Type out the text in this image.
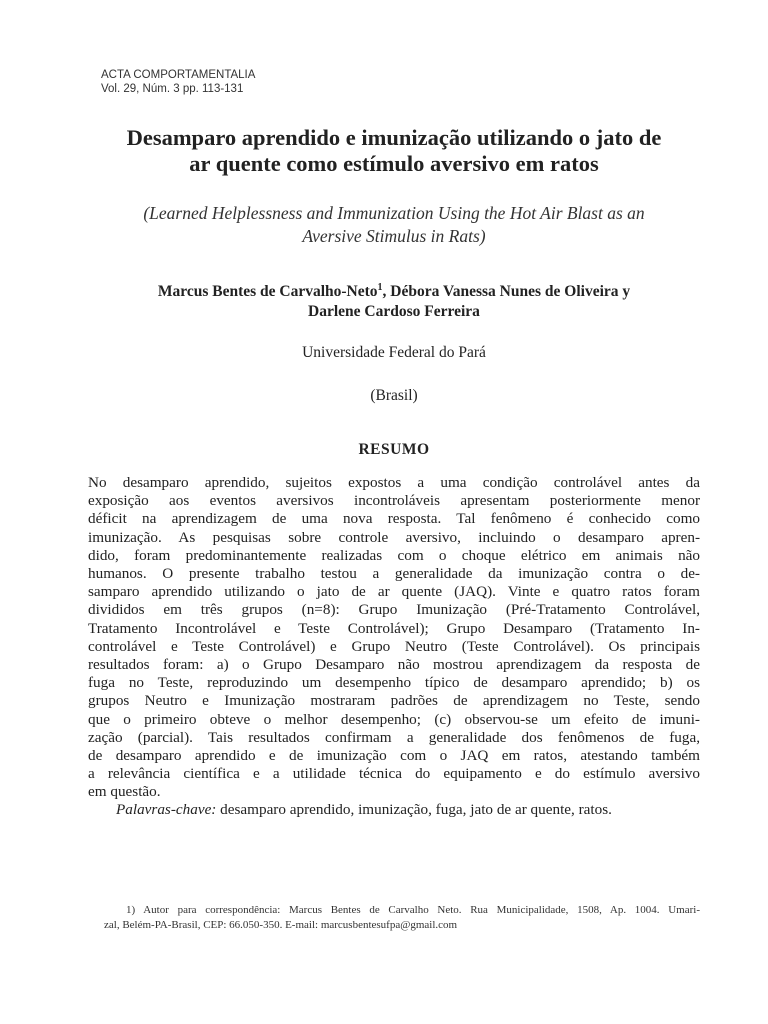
ACTA COMPORTAMENTALIA
Vol. 29, Núm. 3 pp. 113-131
Desamparo aprendido e imunização utilizando o jato de
ar quente como estímulo aversivo em ratos
(Learned Helplessness and Immunization Using the Hot Air Blast as an
Aversive Stimulus in Rats)
Marcus Bentes de Carvalho-Neto$^1$, Débora Vanessa Nunes de Oliveira y
Darlene Cardoso Ferreira
Universidade Federal do Pará
(Brasil)
RESUMO
No desamparo aprendido, sujeitos expostos a uma condição controlável antes da
exposição aos eventos aversivos incontroláveis apresentam posteriormente menor
déficit na aprendizagem de uma nova resposta. Tal fenômeno é conhecido como
imunização. As pesquisas sobre controle aversivo, incluindo o desamparo apren-
dido, foram predominantemente realizadas com o choque elétrico em animais não
humanos. O presente trabalho testou a generalidade da imunização contra o de-
samparo aprendido utilizando o jato de ar quente (JAQ). Vinte e quatro ratos foram
divididos em três grupos (n=8): Grupo Imunização (Pré-Tratamento Controlável,
Tratamento Incontrolável e Teste Controlável); Grupo Desamparo (Tratamento In-
controlável e Teste Controlável) e Grupo Neutro (Teste Controlável). Os principais
resultados foram: a) o Grupo Desamparo não mostrou aprendizagem da resposta de
fuga no Teste, reproduzindo um desempenho típico de desamparo aprendido; b) os
grupos Neutro e Imunização mostraram padrões de aprendizagem no Teste, sendo
que o primeiro obteve o melhor desempenho; (c) observou-se um efeito de imuni-
zação (parcial). Tais resultados confirmam a generalidade dos fenômenos de fuga,
de desamparo aprendido e de imunização com o JAQ em ratos, atestando também
a relevância científica e a utilidade técnica do equipamento e do estímulo aversivo
em questão.
Palavras-chave: desamparo aprendido, imunização, fuga, jato de ar quente, ratos.
1) Autor para correspondência: Marcus Bentes de Carvalho Neto. Rua Municipalidade, 1508, Ap. 1004. Umari-
zal, Belém-PA-Brasil, CEP: 66.050-350. E-mail: marcusbentesufpa@gmail.com
